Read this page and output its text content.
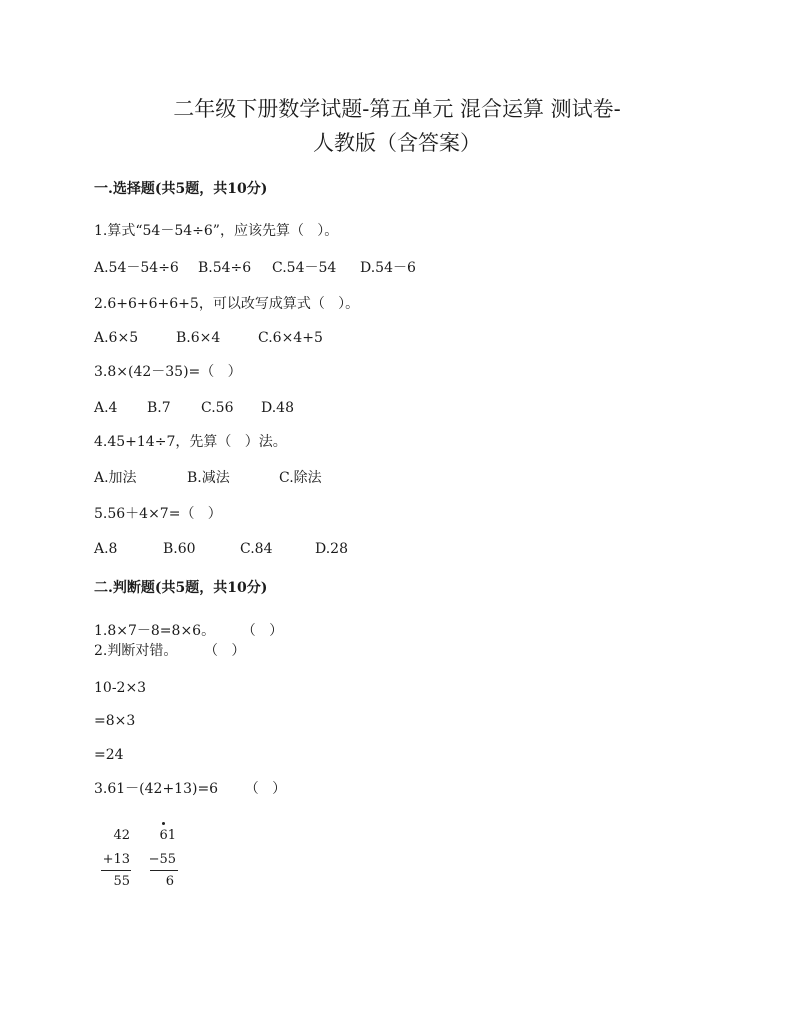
二年级下册数学试题-第五单元 混合运算 测试卷-
人教版（含答案）
一.选择题(共5题，共10分)
1.算式“54－54÷6”，应该先算（   ）。
A.54－54÷6 B.54÷6 C.54－54 D.54－6
2.6+6+6+6+5，可以改写成算式（   ）。
A.6×5	B.6×4	C.6×4+5
3.8×(42－35)=（   ）
A.4 B.7 C.56 D.48
4.45+14÷7，先算（   ）法。
A.加法	B.减法	C.除法
5.56＋4×7=（   ）
A.8	B.60	C.84	D.28
二.判断题(共5题，共10分)
1.8×7－8=8×6。      （   ）
2.判断对错。      （   ）
10-2×3
=8×3
=24
3.61－(42+13)=6      （   ）
42
+13
55
61
−55
6
